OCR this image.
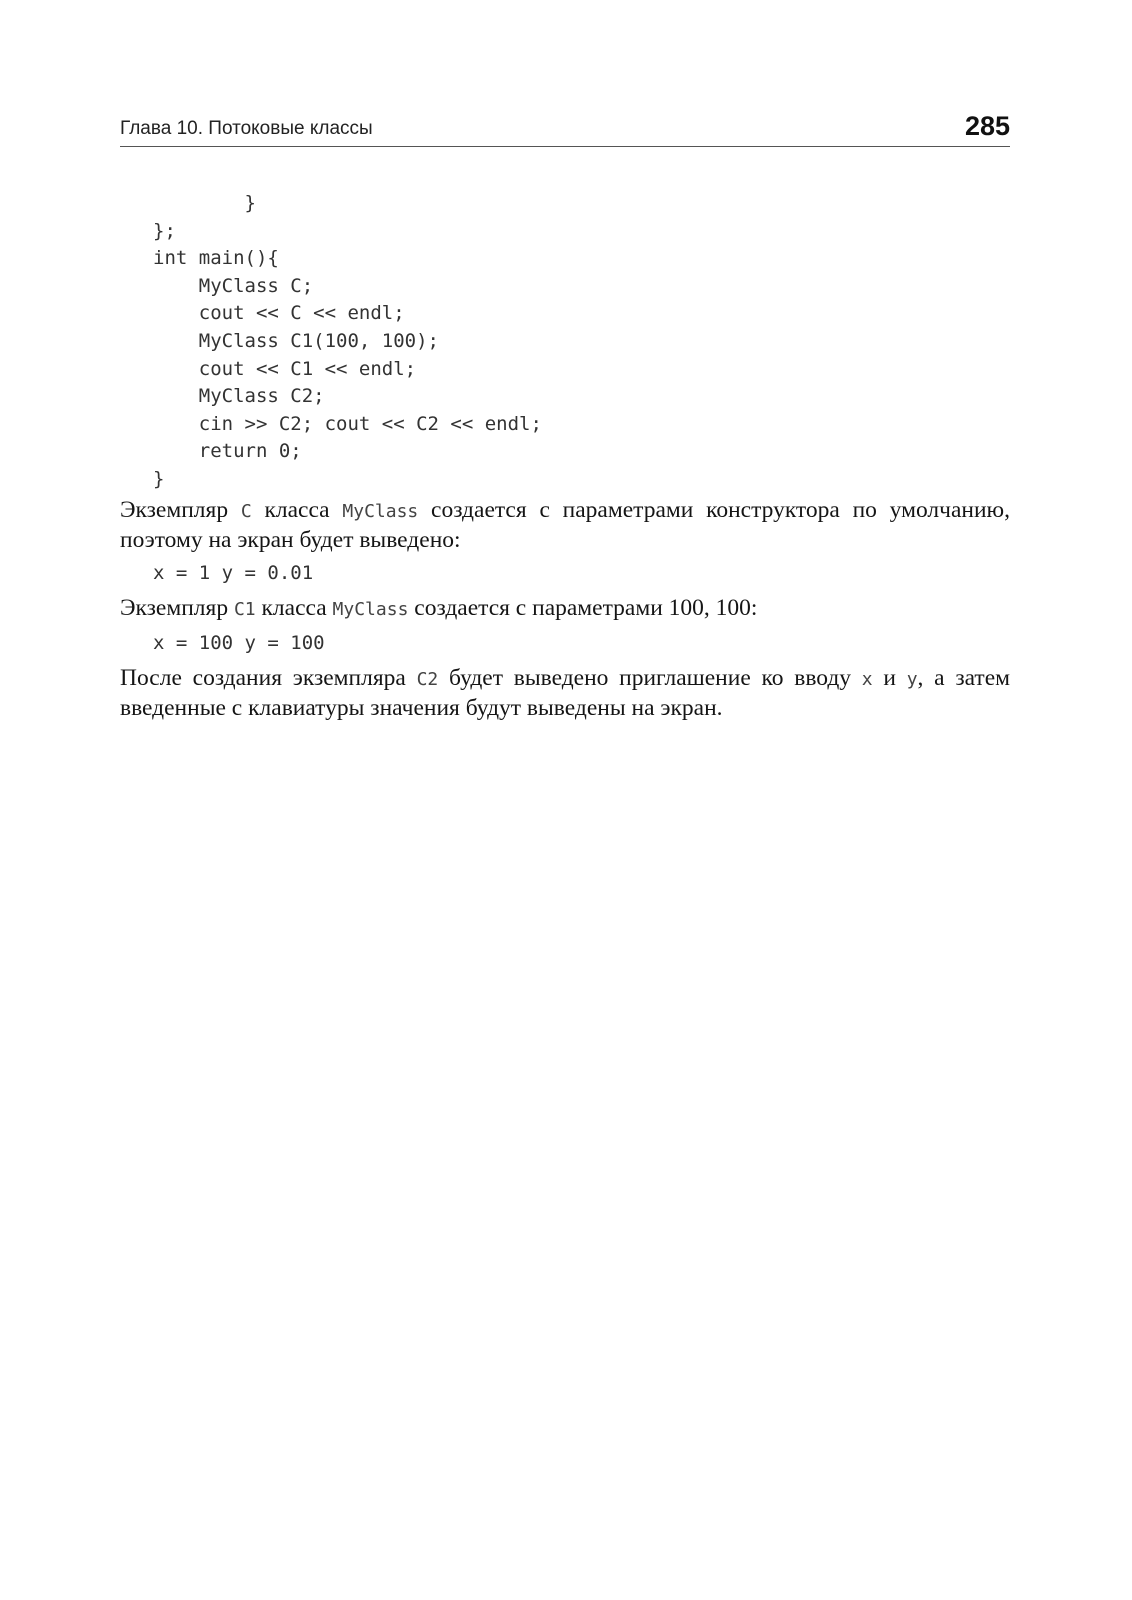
Глава 10. Потоковые классы	285
}
};
int main(){
MyClass C;
cout << C << endl;
MyClass C1(100, 100);
cout << C1 << endl;
MyClass C2;
cin >> C2; cout << C2 << endl;
return 0;
}

Экземпляр C класса MyClass создается с параметрами конструктора по умолчанию, поэтому на экран будет выведено:

x = 1 y = 0.01

Экземпляр C1 класса MyClass создается с параметрами 100, 100:

x = 100 y = 100

После создания экземпляра C2 будет выведено приглашение ко вводу x и y, а затем введенные с клавиатуры значения будут выведены на экран.
